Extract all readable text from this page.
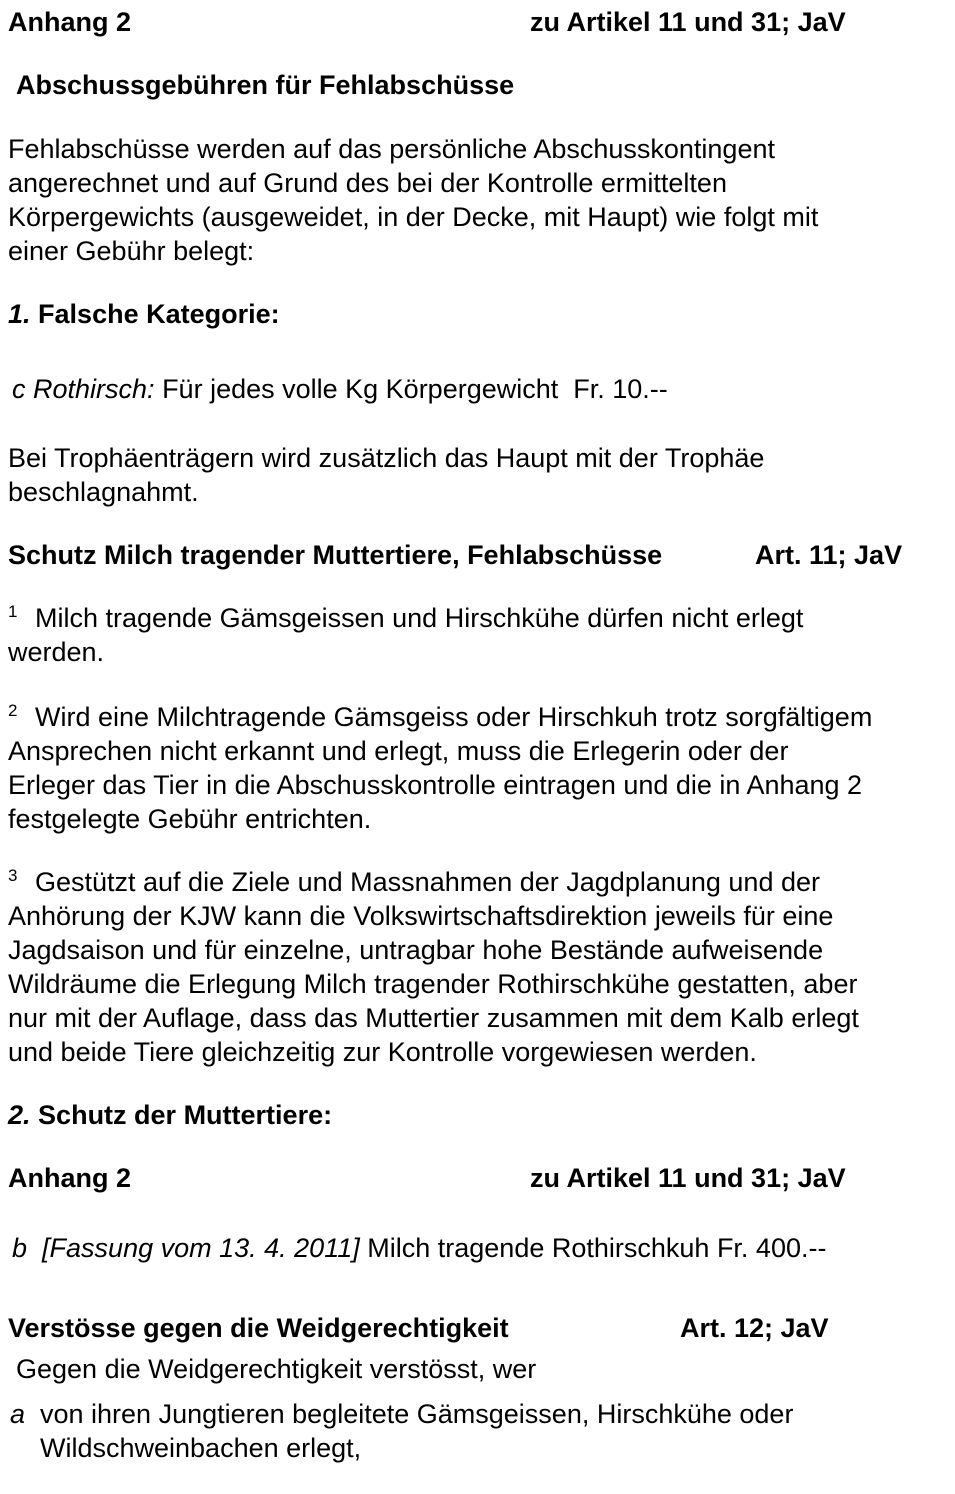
Anhang 2	zu Artikel 11 und 31; JaV
Abschussgebühren für Fehlabschüsse
Fehlabschüsse werden auf das persönliche Abschusskontingent
angerechnet und auf Grund des bei der Kontrolle ermittelten
Körpergewichts (ausgeweidet, in der Decke, mit Haupt) wie folgt mit
einer Gebühr belegt:
1. Falsche Kategorie:
c Rothirsch: Für jedes volle Kg Körpergewicht Fr. 10.--
Bei Trophäenträgern wird zusätzlich das Haupt mit der Trophäe
beschlagnahmt.
Schutz Milch tragender Muttertiere, Fehlabschüsse	Art. 11; JaV
$^1$ Milch tragende Gämsgeissen und Hirschkühe dürfen nicht erlegt
werden.
$^2$ Wird eine Milchtragende Gämsgeiss oder Hirschkuh trotz sorgfältigem
Ansprechen nicht erkannt und erlegt, muss die Erlegerin oder der
Erleger das Tier in die Abschusskontrolle eintragen und die in Anhang 2
festgelegte Gebühr entrichten.
$^3$ Gestützt auf die Ziele und Massnahmen der Jagdplanung und der
Anhörung der KJW kann die Volkswirtschaftsdirektion jeweils für eine
Jagdsaison und für einzelne, untragbar hohe Bestände aufweisende
Wildräume die Erlegung Milch tragender Rothirschkühe gestatten, aber
nur mit der Auflage, dass das Muttertier zusammen mit dem Kalb erlegt
und beide Tiere gleichzeitig zur Kontrolle vorgewiesen werden.
2. Schutz der Muttertiere:
Anhang 2	zu Artikel 11 und 31; JaV
b [Fassung vom 13. 4. 2011] Milch tragende Rothirschkuh Fr. 400.--
Verstösse gegen die Weidgerechtigkeit	Art. 12; JaV
Gegen die Weidgerechtigkeit verstösst, wer
a von ihren Jungtieren begleitete Gämsgeissen, Hirschkühe oder
Wildschweinbachen erlegt,
